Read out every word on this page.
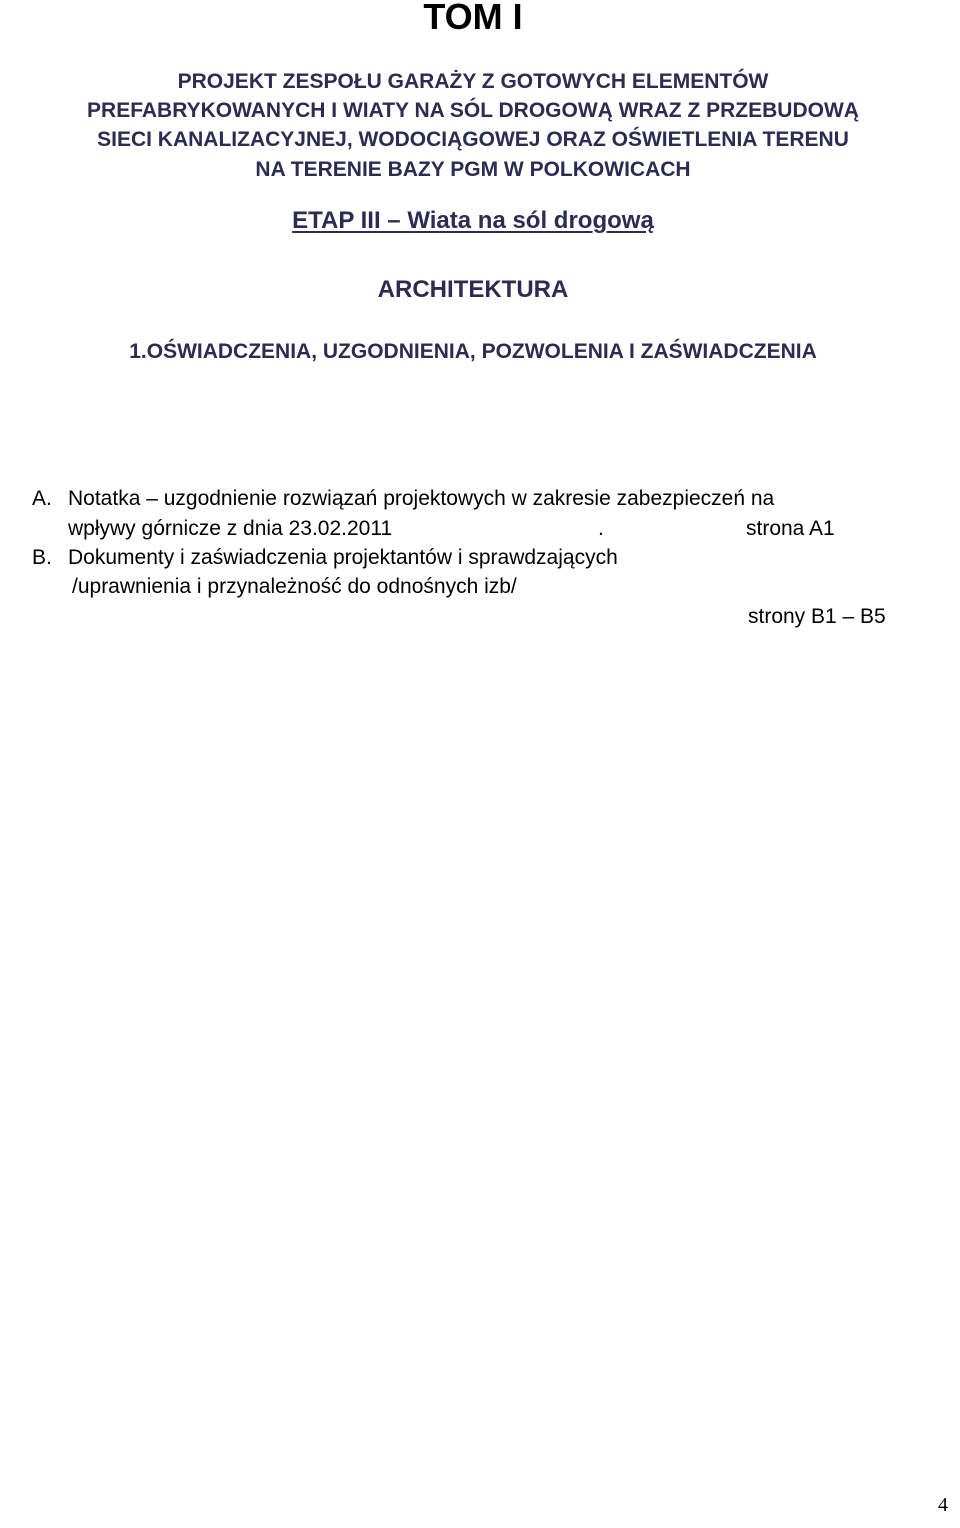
TOM I
PROJEKT ZESPOŁU GARAŻY Z GOTOWYCH ELEMENTÓW
PREFABRYKOWANYCH I WIATY NA SÓL DROGOWĄ WRAZ Z PRZEBUDOWĄ
SIECI KANALIZACYJNEJ, WODOCIĄGOWEJ ORAZ OŚWIETLENIA TERENU
NA TERENIE BAZY PGM W POLKOWICACH
ETAP III – Wiata na sól drogową
ARCHITEKTURA
1.OŚWIADCZENIA, UZGODNIENIA, POZWOLENIA I ZAŚWIADCZENIA
A. Notatka – uzgodnienie rozwiązań projektowych w zakresie zabezpieczeń na
wpływy górnicze z dnia 23.02.2011	.	strona A1
B. Dokumenty i zaświadczenia projektantów i sprawdzających
/uprawnienia i przynależność do odnośnych izb/
strony B1 – B5
4
